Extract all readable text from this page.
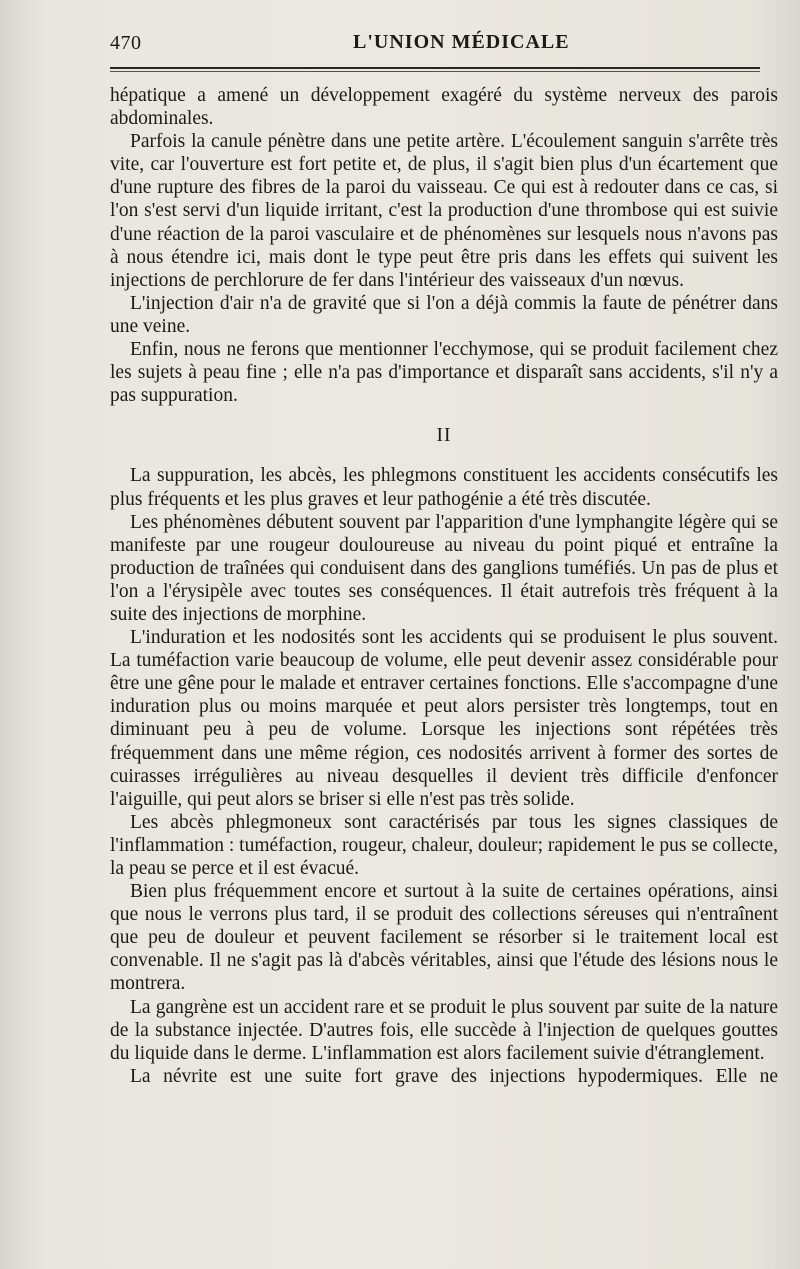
470	L'UNION MÉDICALE

hépatique a amené un développement exagéré du système nerveux des parois abdominales.

Parfois la canule pénètre dans une petite artère. L'écoulement sanguin s'arrête très vite, car l'ouverture est fort petite et, de plus, il s'agit bien plus d'un écartement que d'une rupture des fibres de la paroi du vaisseau. Ce qui est à redouter dans ce cas, si l'on s'est servi d'un liquide irritant, c'est la production d'une thrombose qui est suivie d'une réaction de la paroi vasculaire et de phénomènes sur lesquels nous n'avons pas à nous étendre ici, mais dont le type peut être pris dans les effets qui suivent les injections de perchlorure de fer dans l'intérieur des vaisseaux d'un nœvus.

L'injection d'air n'a de gravité que si l'on a déjà commis la faute de pénétrer dans une veine.

Enfin, nous ne ferons que mentionner l'ecchymose, qui se produit facilement chez les sujets à peau fine ; elle n'a pas d'importance et disparaît sans accidents, s'il n'y a pas suppuration.

II

La suppuration, les abcès, les phlegmons constituent les accidents consécutifs les plus fréquents et les plus graves et leur pathogénie a été très discutée.

Les phénomènes débutent souvent par l'apparition d'une lymphangite légère qui se manifeste par une rougeur douloureuse au niveau du point piqué et entraîne la production de traînées qui conduisent dans des ganglions tuméfiés. Un pas de plus et l'on a l'érysipèle avec toutes ses conséquences. Il était autrefois très fréquent à la suite des injections de morphine.

L'induration et les nodosités sont les accidents qui se produisent le plus souvent. La tuméfaction varie beaucoup de volume, elle peut devenir assez considérable pour être une gêne pour le malade et entraver certaines fonctions. Elle s'accompagne d'une induration plus ou moins marquée et peut alors persister très longtemps, tout en diminuant peu à peu de volume. Lorsque les injections sont répétées très fréquemment dans une même région, ces nodosités arrivent à former des sortes de cuirasses irrégulières au niveau desquelles il devient très difficile d'enfoncer l'aiguille, qui peut alors se briser si elle n'est pas très solide.

Les abcès phlegmoneux sont caractérisés par tous les signes classiques de l'inflammation : tuméfaction, rougeur, chaleur, douleur; rapidement le pus se collecte, la peau se perce et il est évacué.

Bien plus fréquemment encore et surtout à la suite de certaines opérations, ainsi que nous le verrons plus tard, il se produit des collections séreuses qui n'entraînent que peu de douleur et peuvent facilement se résorber si le traitement local est convenable. Il ne s'agit pas là d'abcès véritables, ainsi que l'étude des lésions nous le montrera.

La gangrène est un accident rare et se produit le plus souvent par suite de la nature de la substance injectée. D'autres fois, elle succède à l'injection de quelques gouttes du liquide dans le derme. L'inflammation est alors facilement suivie d'étranglement.

La névrite est une suite fort grave des injections hypodermiques. Elle ne
